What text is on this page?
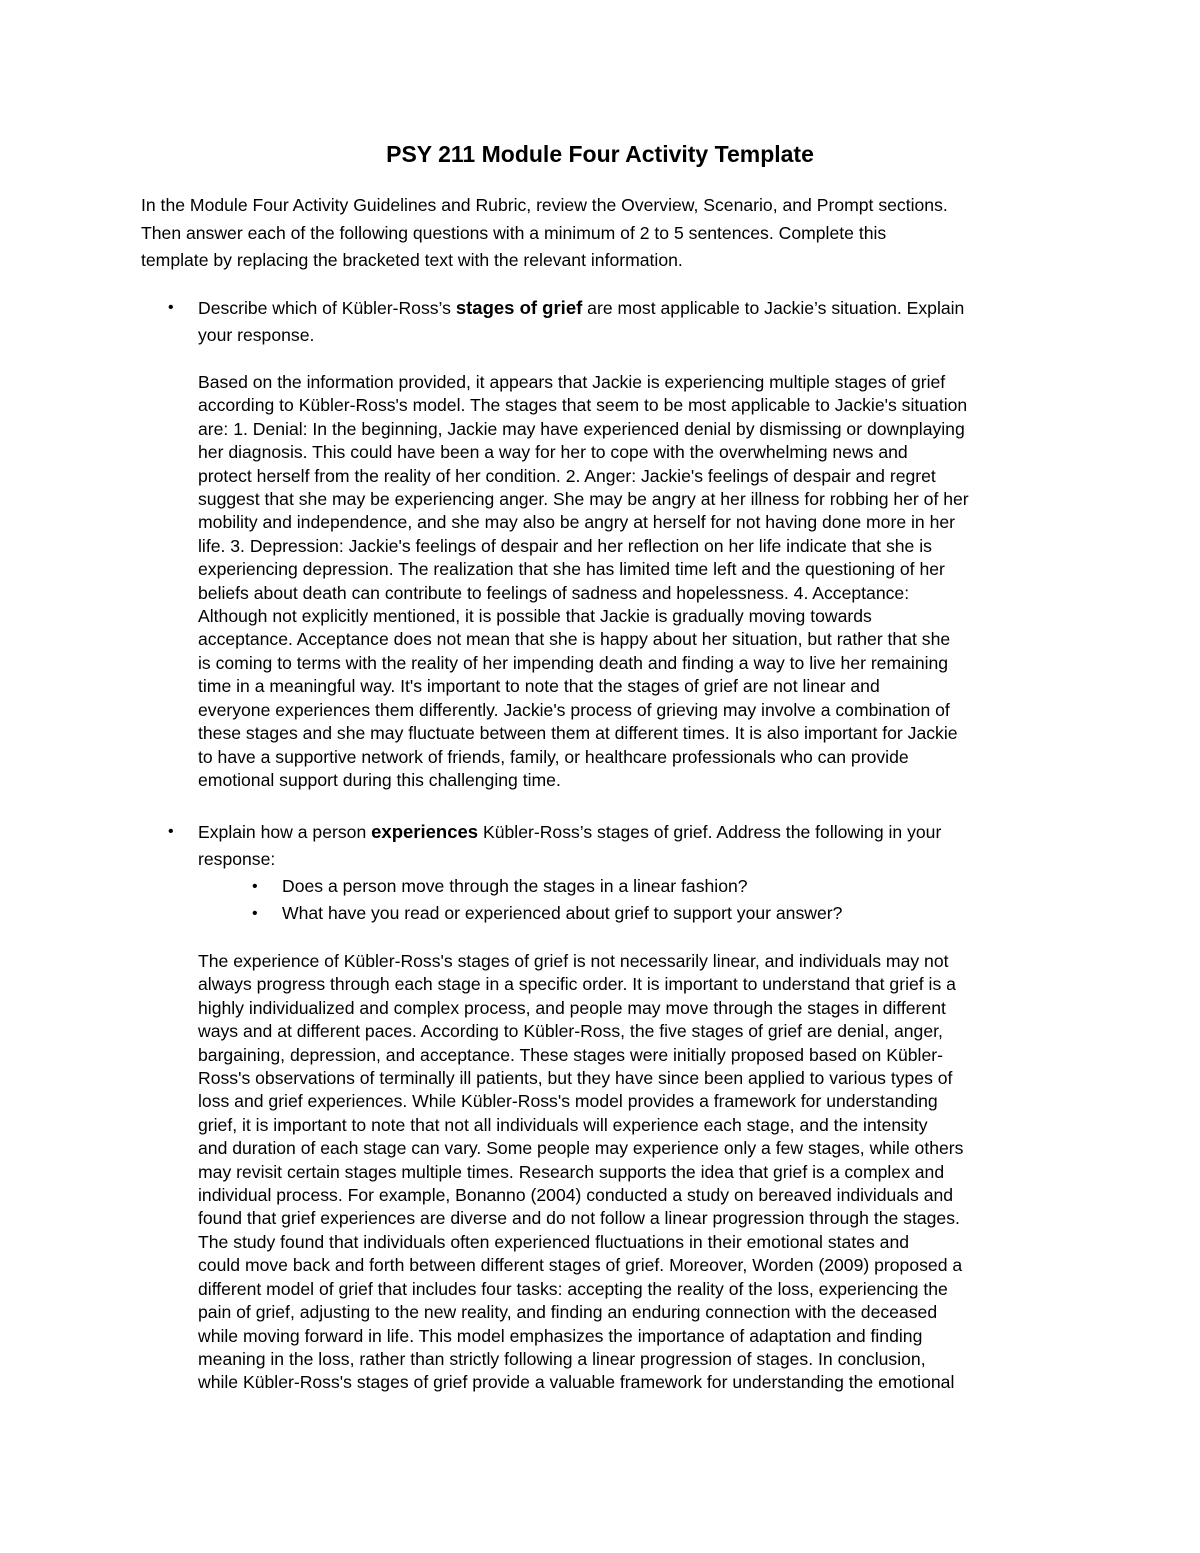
PSY 211 Module Four Activity Template

In the Module Four Activity Guidelines and Rubric, review the Overview, Scenario, and Prompt sections.
Then answer each of the following questions with a minimum of 2 to 5 sentences. Complete this
template by replacing the bracketed text with the relevant information.

• Describe which of Kübler-Ross’s stages of grief are most applicable to Jackie’s situation. Explain
your response.

Based on the information provided, it appears that Jackie is experiencing multiple stages of grief
according to Kübler-Ross's model. The stages that seem to be most applicable to Jackie's situation
are: 1. Denial: In the beginning, Jackie may have experienced denial by dismissing or downplaying
her diagnosis. This could have been a way for her to cope with the overwhelming news and
protect herself from the reality of her condition. 2. Anger: Jackie's feelings of despair and regret
suggest that she may be experiencing anger. She may be angry at her illness for robbing her of her
mobility and independence, and she may also be angry at herself for not having done more in her
life. 3. Depression: Jackie's feelings of despair and her reflection on her life indicate that she is
experiencing depression. The realization that she has limited time left and the questioning of her
beliefs about death can contribute to feelings of sadness and hopelessness. 4. Acceptance:
Although not explicitly mentioned, it is possible that Jackie is gradually moving towards
acceptance. Acceptance does not mean that she is happy about her situation, but rather that she
is coming to terms with the reality of her impending death and finding a way to live her remaining
time in a meaningful way. It's important to note that the stages of grief are not linear and
everyone experiences them differently. Jackie's process of grieving may involve a combination of
these stages and she may fluctuate between them at different times. It is also important for Jackie
to have a supportive network of friends, family, or healthcare professionals who can provide
emotional support during this challenging time.

• Explain how a person experiences Kübler-Ross’s stages of grief. Address the following in your
response:
• Does a person move through the stages in a linear fashion?
• What have you read or experienced about grief to support your answer?

The experience of Kübler-Ross's stages of grief is not necessarily linear, and individuals may not
always progress through each stage in a specific order. It is important to understand that grief is a
highly individualized and complex process, and people may move through the stages in different
ways and at different paces. According to Kübler-Ross, the five stages of grief are denial, anger,
bargaining, depression, and acceptance. These stages were initially proposed based on Kübler-
Ross's observations of terminally ill patients, but they have since been applied to various types of
loss and grief experiences. While Kübler-Ross's model provides a framework for understanding
grief, it is important to note that not all individuals will experience each stage, and the intensity
and duration of each stage can vary. Some people may experience only a few stages, while others
may revisit certain stages multiple times. Research supports the idea that grief is a complex and
individual process. For example, Bonanno (2004) conducted a study on bereaved individuals and
found that grief experiences are diverse and do not follow a linear progression through the stages.
The study found that individuals often experienced fluctuations in their emotional states and
could move back and forth between different stages of grief. Moreover, Worden (2009) proposed a
different model of grief that includes four tasks: accepting the reality of the loss, experiencing the
pain of grief, adjusting to the new reality, and finding an enduring connection with the deceased
while moving forward in life. This model emphasizes the importance of adaptation and finding
meaning in the loss, rather than strictly following a linear progression of stages. In conclusion,
while Kübler-Ross's stages of grief provide a valuable framework for understanding the emotional
